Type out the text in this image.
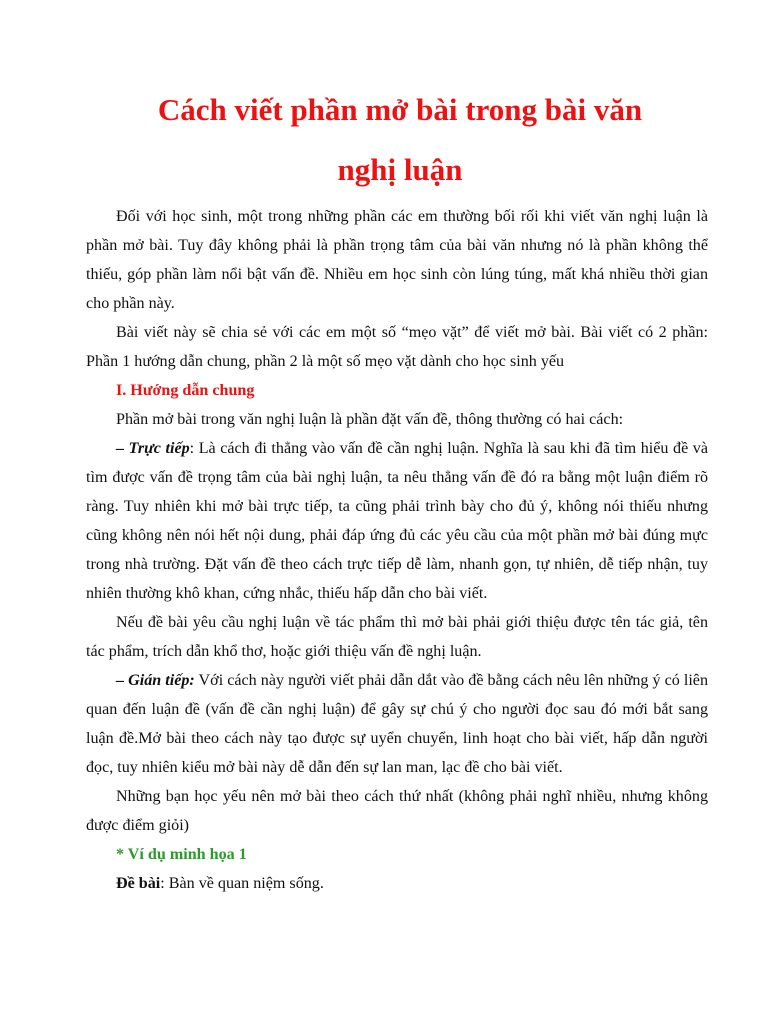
Cách viết phần mở bài trong bài văn
nghị luận

Đối với học sinh, một trong những phần các em thường bối rối khi viết văn nghị luận là phần mở bài. Tuy đây không phải là phần trọng tâm của bài văn nhưng nó là phần không thể thiếu, góp phần làm nổi bật vấn đề. Nhiều em học sinh còn lúng túng, mất khá nhiều thời gian cho phần này.

Bài viết này sẽ chia sẻ với các em một số “mẹo vặt” để viết mở bài. Bài viết có 2 phần: Phần 1 hướng dẫn chung, phần 2 là một số mẹo vặt dành cho học sinh yếu

I. Hướng dẫn chung

Phần mở bài trong văn nghị luận là phần đặt vấn đề, thông thường có hai cách:

– Trực tiếp: Là cách đi thẳng vào vấn đề cần nghị luận. Nghĩa là sau khi đã tìm hiểu đề và tìm được vấn đề trọng tâm của bài nghị luận, ta nêu thẳng vấn đề đó ra bằng một luận điểm rõ ràng. Tuy nhiên khi mở bài trực tiếp, ta cũng phải trình bày cho đủ ý, không nói thiếu nhưng cũng không nên nói hết nội dung, phải đáp ứng đủ các yêu cầu của một phần mở bài đúng mực trong nhà trường. Đặt vấn đề theo cách trực tiếp dễ làm, nhanh gọn, tự nhiên, dễ tiếp nhận, tuy nhiên thường khô khan, cứng nhắc, thiếu hấp dẫn cho bài viết.

Nếu đề bài yêu cầu nghị luận về tác phẩm thì mở bài phải giới thiệu được tên tác giả, tên tác phẩm, trích dẫn khổ thơ, hoặc giới thiệu vấn đề nghị luận.

– Gián tiếp: Với cách này người viết phải dẫn dắt vào đề bằng cách nêu lên những ý có liên quan đến luận đề (vấn đề cần nghị luận) để gây sự chú ý cho người đọc sau đó mới bắt sang luận đề.Mở bài theo cách này tạo được sự uyển chuyển, linh hoạt cho bài viết, hấp dẫn người đọc, tuy nhiên kiểu mở bài này dễ dẫn đến sự lan man, lạc đề cho bài viết.

Những bạn học yếu nên mở bài theo cách thứ nhất (không phải nghĩ nhiều, nhưng không được điểm giỏi)

* Ví dụ minh họa 1

Đề bài: Bàn về quan niệm sống.
